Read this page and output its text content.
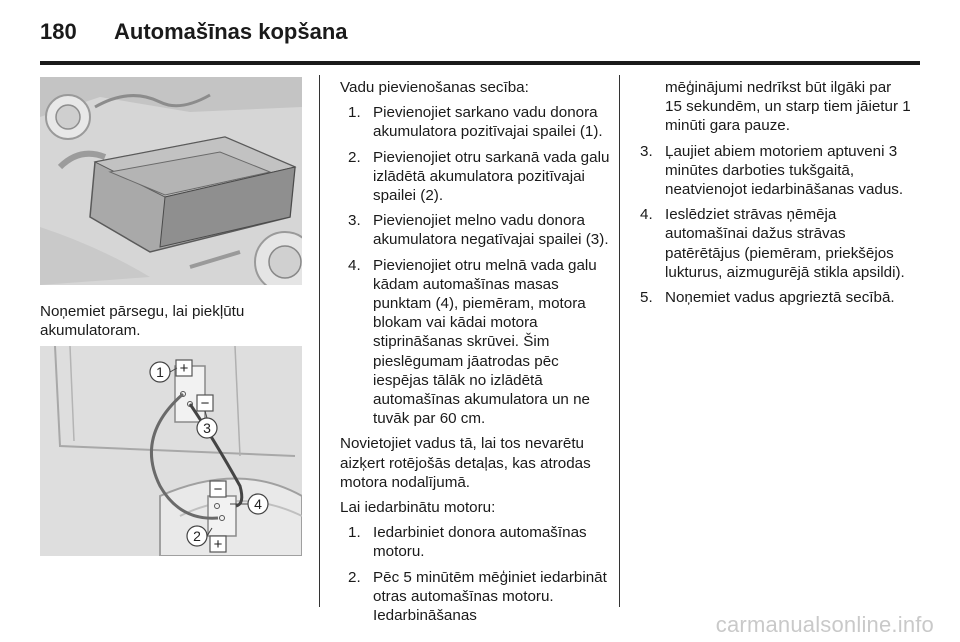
180	Automašīnas kopšana
Noņemiet pārsegu, lai piekļūtu akumulatoram.
+
−
−
+
1
3
4
2

Vadu pievienošanas secība:

1. Pievienojiet sarkano vadu donora akumulatora pozitīvajai spailei (1).
2. Pievienojiet otru sarkanā vada galu izlādētā akumulatora pozitīvajai spailei (2).
3. Pievienojiet melno vadu donora akumulatora negatīvajai spailei (3).
4. Pievienojiet otru melnā vada galu kādam automašīnas masas punktam (4), piemēram, motora blokam vai kādai motora stiprināšanas skrūvei. Šim pieslēgumam jāatrodas pēc iespējas tālāk no izlādētā automašīnas akumulatora un ne tuvāk par 60 cm.

Novietojiet vadus tā, lai tos nevarētu aizķert rotējošās detaļas, kas atrodas motora nodalījumā.

Lai iedarbinātu motoru:

1. Iedarbiniet donora automašīnas motoru.
2. Pēc 5 minūtēm mēģiniet iedarbināt otras automašīnas motoru. Iedarbināšanas

mēģinājumi nedrīkst būt ilgāki par 15 sekundēm, un starp tiem jāietur 1 minūti gara pauze.

3. Ļaujiet abiem motoriem aptuveni 3 minūtes darboties tukšgaitā, neatvienojot iedarbināšanas vadus.
4. Ieslēdziet strāvas ņēmēja automašīnai dažus strāvas patērētājus (piemēram, priekšējos lukturus, aizmugurējā stikla apsildi).
5. Noņemiet vadus apgrieztā secībā.
carmanualsonline.info
